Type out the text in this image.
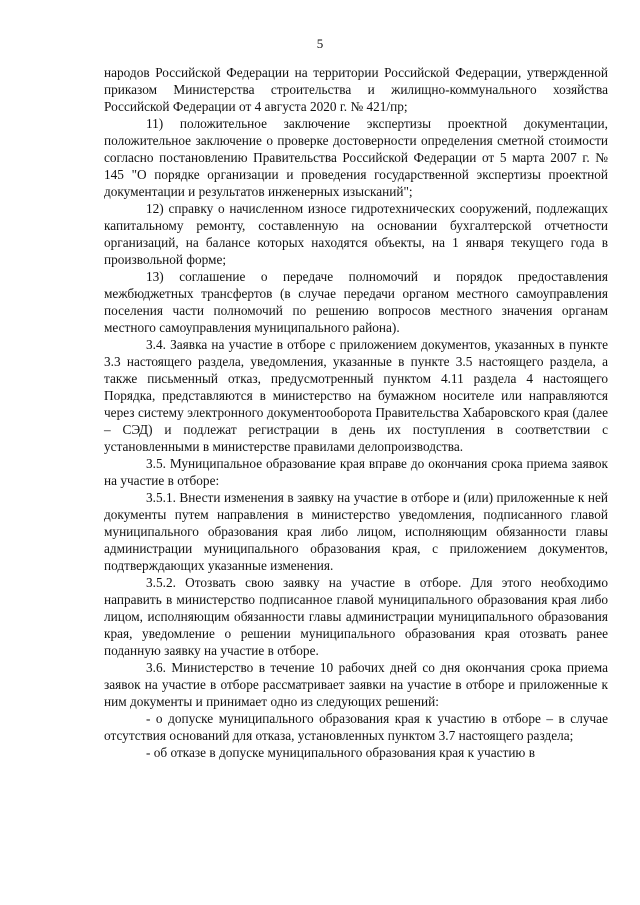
5

народов Российской Федерации на территории Российской Федерации, утвержденной приказом Министерства строительства и жилищно-коммунального хозяйства Российской Федерации от 4 августа 2020 г. № 421/пр;

11) положительное заключение экспертизы проектной документации, положительное заключение о проверке достоверности определения сметной стоимости согласно постановлению Правительства Российской Федерации от 5 марта 2007 г. № 145 "О порядке организации и проведения государственной экспертизы проектной документации и результатов инженерных изысканий";

12) справку о начисленном износе гидротехнических сооружений, подлежащих капитальному ремонту, составленную на основании бухгалтерской отчетности организаций, на балансе которых находятся объекты, на 1 января текущего года в произвольной форме;

13) соглашение о передаче полномочий и порядок предоставления межбюджетных трансфертов (в случае передачи органом местного самоуправления поселения части полномочий по решению вопросов местного значения органам местного самоуправления муниципального района).

3.4. Заявка на участие в отборе с приложением документов, указанных в пункте 3.3 настоящего раздела, уведомления, указанные в пункте 3.5 настоящего раздела, а также письменный отказ, предусмотренный пунктом 4.11 раздела 4 настоящего Порядка, представляются в министерство на бумажном носителе или направляются через систему электронного документооборота Правительства Хабаровского края (далее – СЭД) и подлежат регистрации в день их поступления в соответствии с установленными в министерстве правилами делопроизводства.

3.5. Муниципальное образование края вправе до окончания срока приема заявок на участие в отборе:

3.5.1. Внести изменения в заявку на участие в отборе и (или) приложенные к ней документы путем направления в министерство уведомления, подписанного главой муниципального образования края либо лицом, исполняющим обязанности главы администрации муниципального образования края, с приложением документов, подтверждающих указанные изменения.

3.5.2. Отозвать свою заявку на участие в отборе. Для этого необходимо направить в министерство подписанное главой муниципального образования края либо лицом, исполняющим обязанности главы администрации муниципального образования края, уведомление о решении муниципального образования края отозвать ранее поданную заявку на участие в отборе.

3.6. Министерство в течение 10 рабочих дней со дня окончания срока приема заявок на участие в отборе рассматривает заявки на участие в отборе и приложенные к ним документы и принимает одно из следующих решений:

- о допуске муниципального образования края к участию в отборе – в случае отсутствия оснований для отказа, установленных пунктом 3.7 настоящего раздела;

- об отказе в допуске муниципального образования края к участию в
